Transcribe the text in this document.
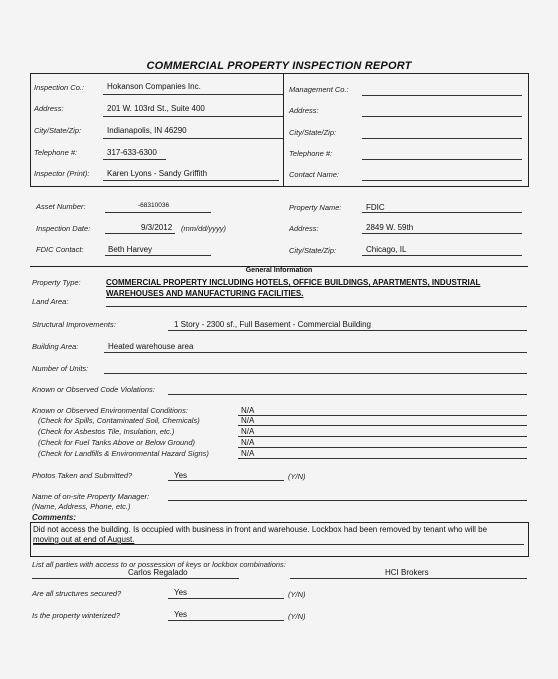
COMMERCIAL PROPERTY INSPECTION REPORT
Inspection Co.:	Hokanson Companies Inc.
Address:	201 W. 103rd St., Suite 400
City/State/Zip:	Indianapolis, IN 46290
Telephone #:	317-633-6300
Inspector (Print): Karen Lyons - Sandy Griffith
Management Co.:
Address:
City/State/Zip:
Telephone #:
Contact Name:
Asset Number:	-68310036
Inspection Date:	9/3/2012 (mm/dd/yyyy)
FDIC Contact:	Beth Harvey
Property Name:	FDIC
Address:	2849 W. 59th
City/State/Zip:	Chicago, IL
General Information
Property Type:	COMMERCIAL PROPERTY INCLUDING HOTELS, OFFICE BUILDINGS, APARTMENTS, INDUSTRIAL
WAREHOUSES AND MANUFACTURING FACILITIES.
Land Area:
Structural Improvements:	1 Story - 2300 sf., Full Basement - Commercial Building
Building Area:	Heated warehouse area
Number of Units:
Known or Observed Code Violations:
Known or Observed Environmental Conditions:	N/A
(Check for Spills, Contaminated Soil, Chemicals)	N/A
(Check for Asbestos Tile, Insulation, etc.)	N/A
(Check for Fuel Tanks Above or Below Ground)	N/A
(Check for Landfills & Environmental Hazard Signs)	N/A
Photos Taken and Submitted?	Yes	(Y/N)
Name of on-site Property Manager:
(Name, Address, Phone, etc.)
Comments:
Did not access the building. Is occupied with business in front and warehouse. Lockbox had been removed by tenant who will be
moving out at end of August.
List all parties with access to or possession of keys or lockbox combinations:
Carlos Regalado	HCI Brokers
Are all structures secured?	Yes	(Y/N)
Is the property winterized?	Yes	(Y/N)
